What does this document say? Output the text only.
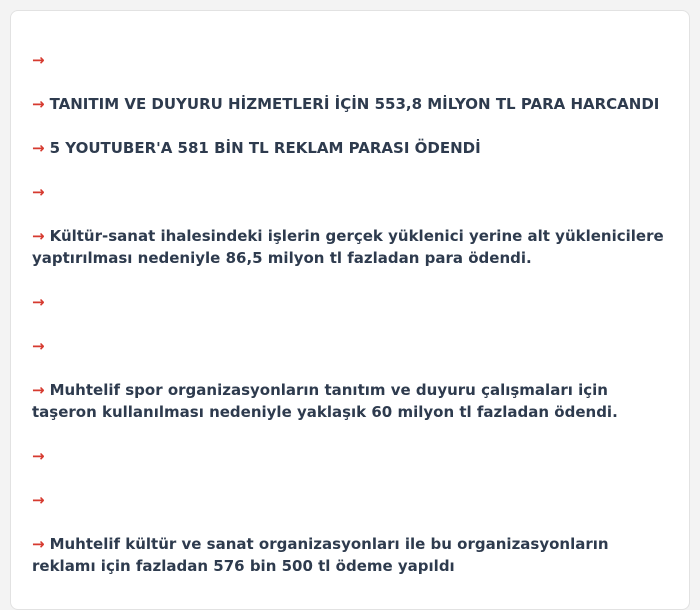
→
→ TANITIM VE DUYURU HİZMETLERİ İÇİN 553,8 MİLYON TL PARA HARCANDI
→ 5 YOUTUBER'A 581 BİN TL REKLAM PARASI ÖDENDİ
→
→ Kültür-sanat ihalesindeki işlerin gerçek yüklenici yerine alt yüklenicilere yaptırılması nedeniyle 86,5 milyon tl fazladan para ödendi.
→
→
→ Muhtelif spor organizasyonların tanıtım ve duyuru çalışmaları için taşeron kullanılması nedeniyle yaklaşık 60 milyon tl fazladan ödendi.
→
→
→ Muhtelif kültür ve sanat organizasyonları ile bu organizasyonların reklamı için fazladan 576 bin 500 tl ödeme yapıldı
